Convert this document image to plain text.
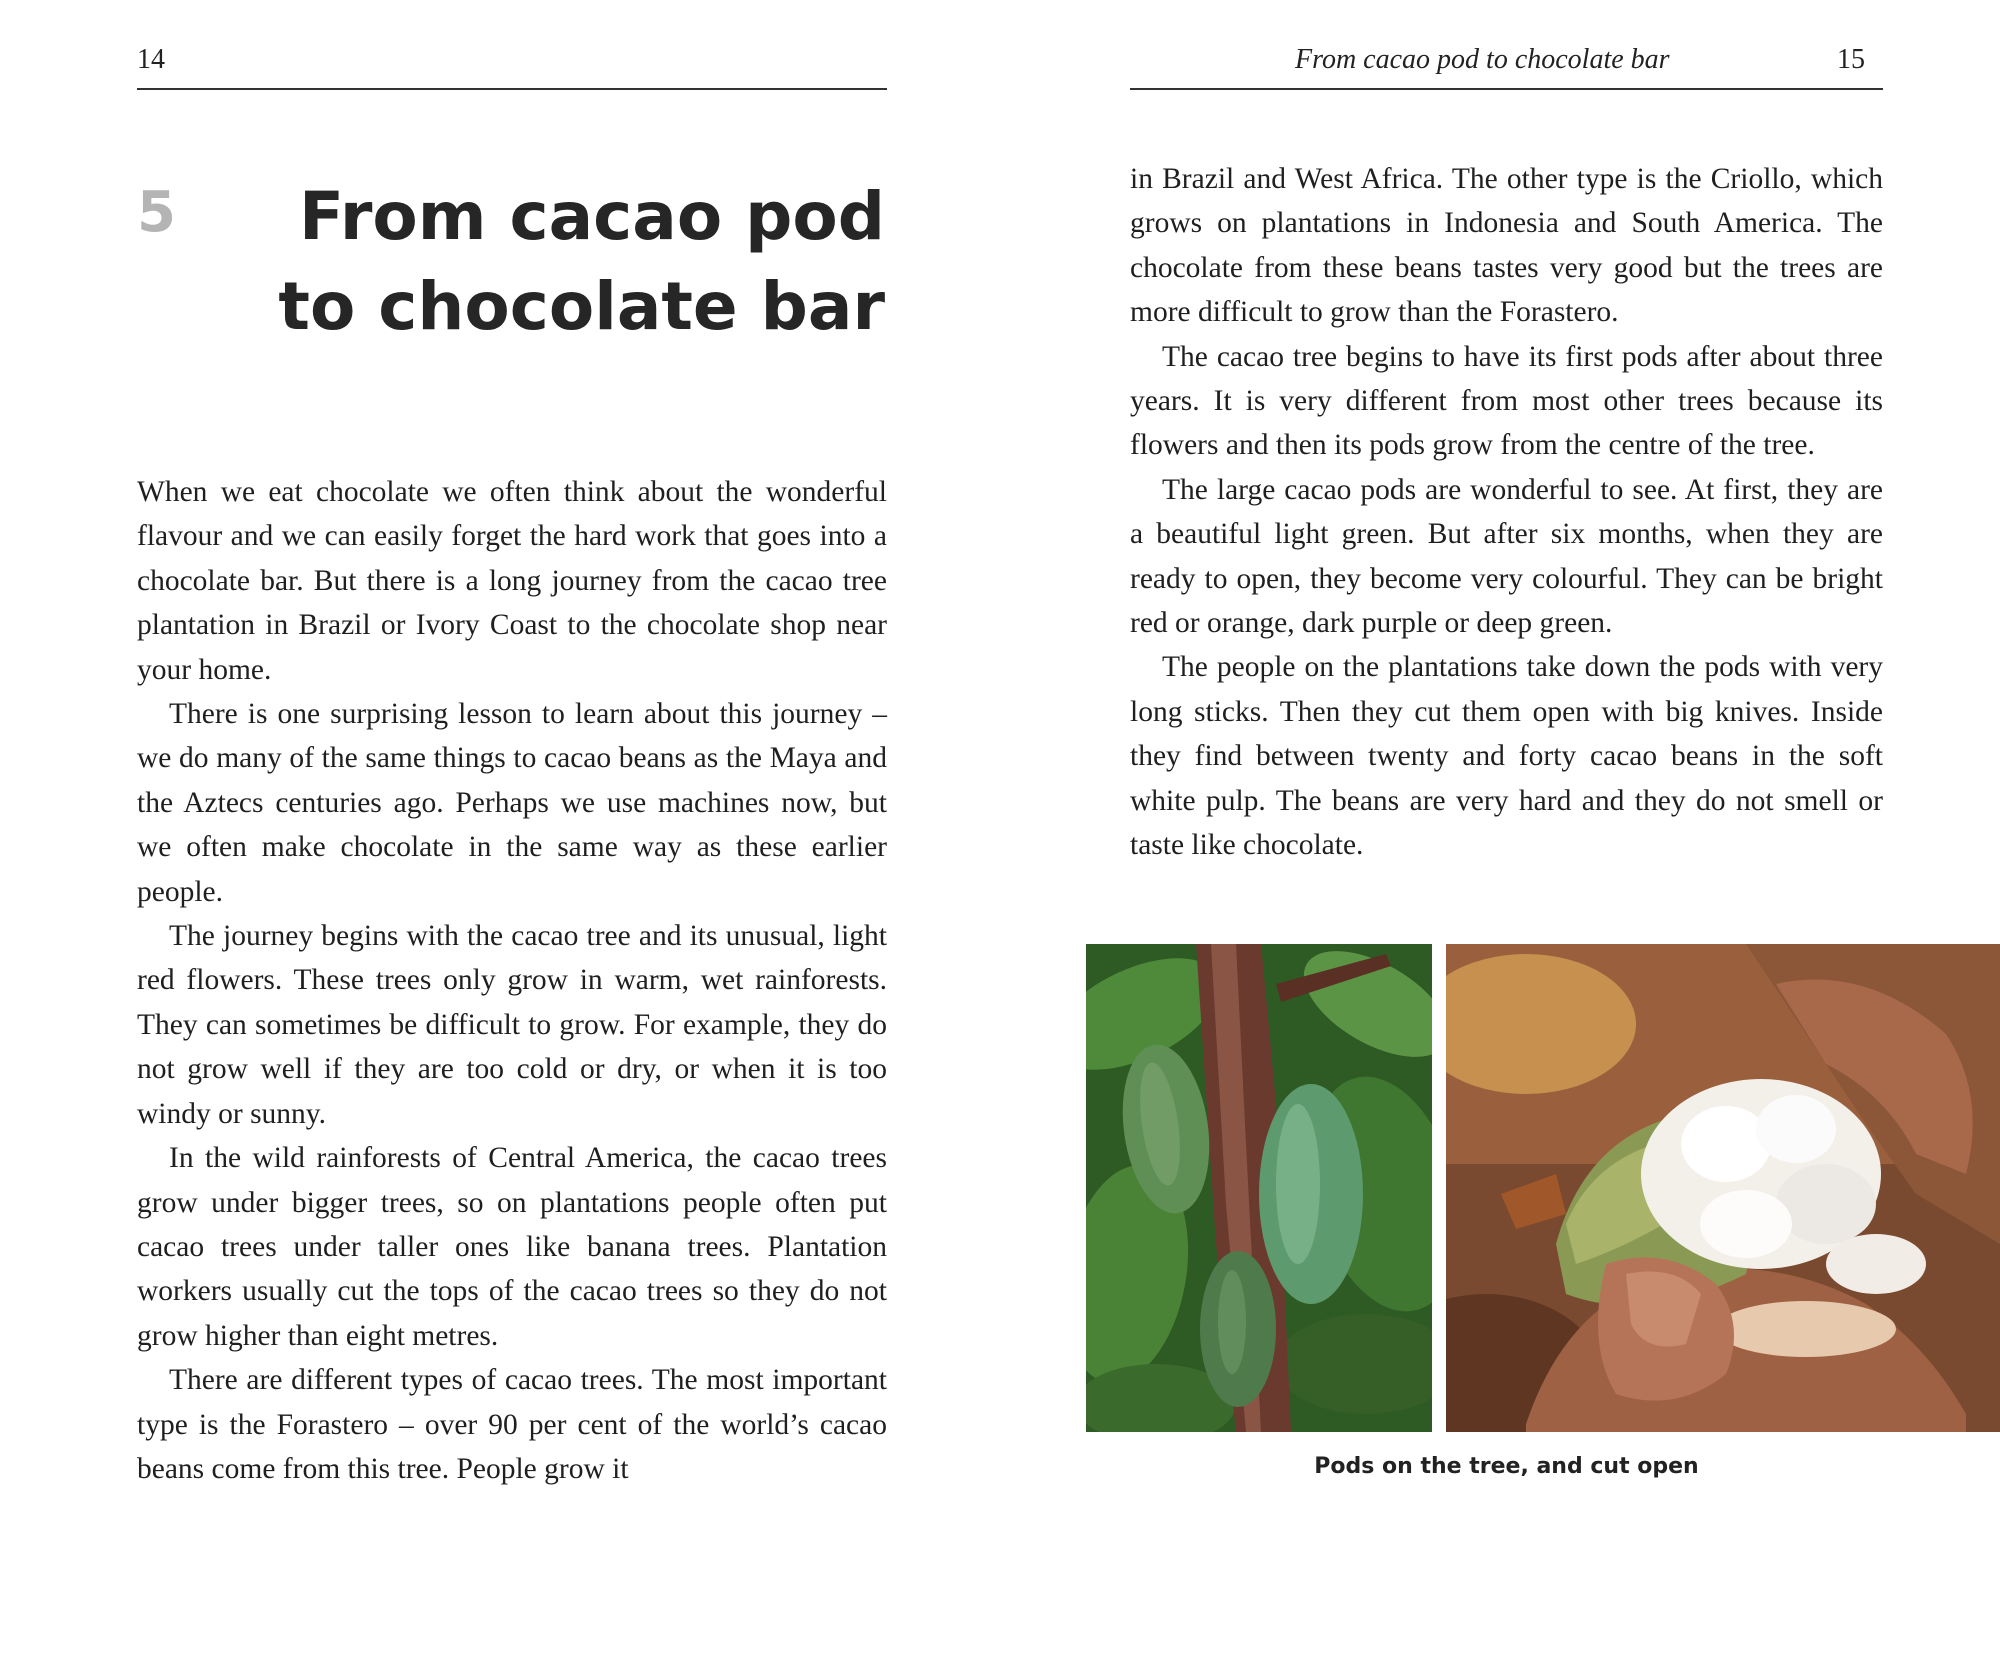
14
5	From cacao pod
to chocolate bar

When we eat chocolate we often think about the wonderful flavour and we can easily forget the hard work that goes into a chocolate bar. But there is a long journey from the cacao tree plantation in Brazil or Ivory Coast to the chocolate shop near your home.

There is one surprising lesson to learn about this journey – we do many of the same things to cacao beans as the Maya and the Aztecs centuries ago. Perhaps we use machines now, but we often make chocolate in the same way as these earlier people.

The journey begins with the cacao tree and its unusual, light red flowers. These trees only grow in warm, wet rainforests. They can sometimes be difficult to grow. For example, they do not grow well if they are too cold or dry, or when it is too windy or sunny.

In the wild rainforests of Central America, the cacao trees grow under bigger trees, so on plantations people often put cacao trees under taller ones like banana trees. Plantation workers usually cut the tops of the cacao trees so they do not grow higher than eight metres.

There are different types of cacao trees. The most important type is the Forastero – over 90 per cent of the world’s cacao beans come from this tree. People grow it

From cacao pod to chocolate bar	15

in Brazil and West Africa. The other type is the Criollo, which grows on plantations in Indonesia and South America. The chocolate from these beans tastes very good but the trees are more difficult to grow than the Forastero.

The cacao tree begins to have its first pods after about three years. It is very different from most other trees because its flowers and then its pods grow from the centre of the tree.

The large cacao pods are wonderful to see. At first, they are a beautiful light green. But after six months, when they are ready to open, they become very colourful. They can be bright red or orange, dark purple or deep green.

The people on the plantations take down the pods with very long sticks. Then they cut them open with big knives. Inside they find between twenty and forty cacao beans in the soft white pulp. The beans are very hard and they do not smell or taste like chocolate.

Pods on the tree, and cut open
